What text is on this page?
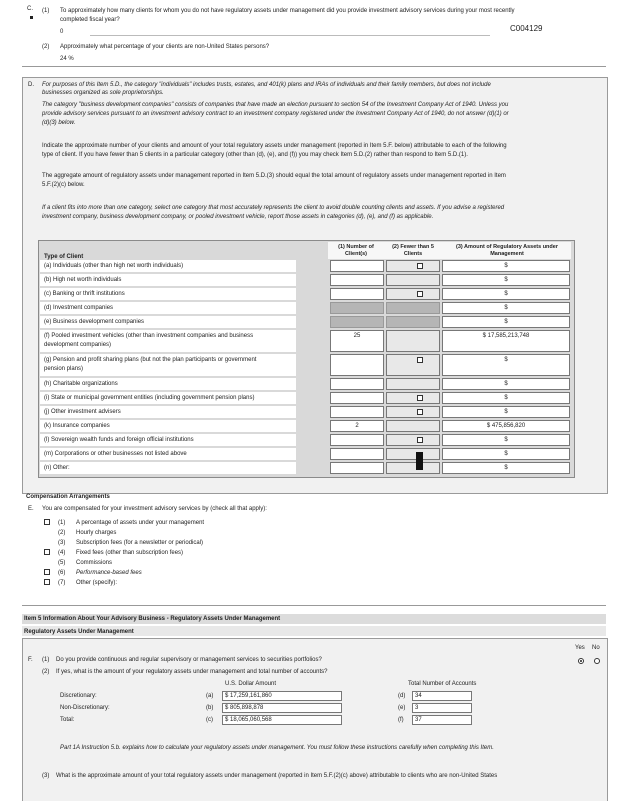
C. (1) To approximately how many clients for whom you do not have regulatory assets under management did you provide investment advisory services during your most recently
completed fiscal year?
C004129
0
(2) Approximately what percentage of your clients are non-United States persons?
24 %
D. For purposes of this Item 5.D., the category "individuals" includes trusts, estates, and 401(k) plans and IRAs of individuals and their family members, but does not include
businesses organized as sole proprietorships.
The category "business development companies" consists of companies that have made an election pursuant to section 54 of the Investment Company Act of 1940. Unless you
provide advisory services pursuant to an investment advisory contract to an investment company registered under the Investment Company Act of 1940, do not answer (d)(1) or
(d)(3) below.
Indicate the approximate number of your clients and amount of your total regulatory assets under management (reported in Item 5.F. below) attributable to each of the following
type of client. If you have fewer than 5 clients in a particular category (other than (d), (e), and (f)) you may check Item 5.D.(2) rather than respond to Item 5.D.(1).
The aggregate amount of regulatory assets under management reported in Item 5.D.(3) should equal the total amount of regulatory assets under management reported in Item
5.F.(2)(c) below.
If a client fits into more than one category, select one category that most accurately represents the client to avoid double counting clients and assets. If you advise a registered
investment company, business development company, or pooled investment vehicle, report those assets in categories (d), (e), and (f) as applicable.
Type of Client
(1) Number of Client(s)
(2) Fewer than 5 Clients
(3) Amount of Regulatory Assets under Management
(a) Individuals (other than high net worth individuals)	$
(b) High net worth individuals	$
(c) Banking or thrift institutions	$
(d) Investment companies	$
(e) Business development companies	$
(f) Pooled investment vehicles (other than investment companies and business
development companies)
25	$ 17,585,213,748
(g) Pension and profit sharing plans (but not the plan participants or government
pension plans)
$
(h) Charitable organizations	$
(i) State or municipal government entities (including government pension plans)	$
(j) Other investment advisers	$
(k) Insurance companies	2	$ 475,856,820
(l) Sovereign wealth funds and foreign official institutions	$
(m) Corporations or other businesses not listed above	$
(n) Other:	$
Compensation Arrangements
E. You are compensated for your investment advisory services by (check all that apply):
(1) A percentage of assets under your management
(2) Hourly charges
(3) Subscription fees (for a newsletter or periodical)
(4) Fixed fees (other than subscription fees)
(5) Commissions
(6) Performance-based fees
(7) Other (specify):
Item 5 Information About Your Advisory Business - Regulatory Assets Under Management
Regulatory Assets Under Management
Yes No
F. (1) Do you provide continuous and regular supervisory or management services to securities portfolios?
(2) If yes, what is the amount of your regulatory assets under management and total number of accounts?
U.S. Dollar Amount	Total Number of Accounts
Discretionary:	(a) $ 17,259,161,860	(d) 34
Non-Discretionary:	(b) $ 805,898,878	(e) 3
Total:	(c) $ 18,065,060,568	(f) 37
Part 1A Instruction 5.b. explains how to calculate your regulatory assets under management. You must follow these instructions carefully when completing this Item.
(3) What is the approximate amount of your total regulatory assets under management (reported in Item 5.F.(2)(c) above) attributable to clients who are non-United States
